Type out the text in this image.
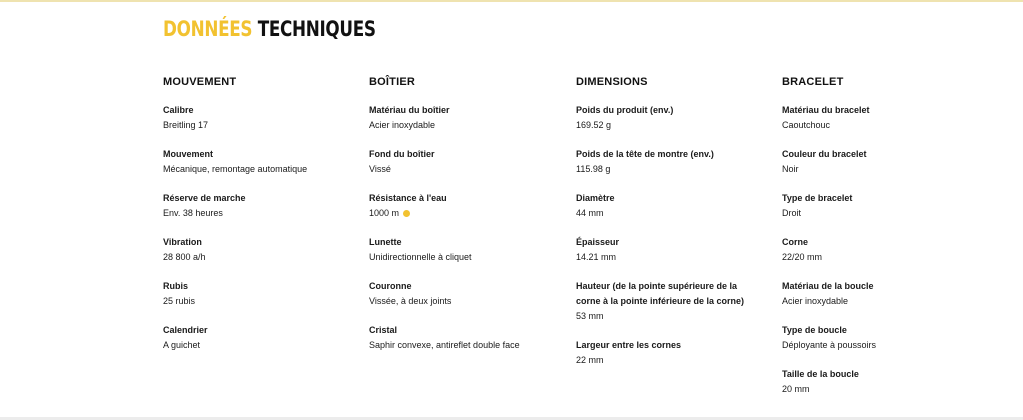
DONNÉES TECHNIQUES
MOUVEMENT
Calibre
Breitling 17
Mouvement
Mécanique, remontage automatique
Réserve de marche
Env. 38 heures
Vibration
28 800 a/h
Rubis
25 rubis
Calendrier
A guichet
BOÎTIER
Matériau du boîtier
Acier inoxydable
Fond du boîtier
Vissé
Résistance à l'eau
1000 m
Lunette
Unidirectionnelle à cliquet
Couronne
Vissée, à deux joints
Cristal
Saphir convexe, antireflet double face
DIMENSIONS
Poids du produit (env.)
169.52 g
Poids de la tête de montre (env.)
115.98 g
Diamètre
44 mm
Épaisseur
14.21 mm
Hauteur (de la pointe supérieure de la corne à la pointe inférieure de la corne)
53 mm
Largeur entre les cornes
22 mm
BRACELET
Matériau du bracelet
Caoutchouc
Couleur du bracelet
Noir
Type de bracelet
Droit
Corne
22/20 mm
Matériau de la boucle
Acier inoxydable
Type de boucle
Déployante à poussoirs
Taille de la boucle
20 mm
